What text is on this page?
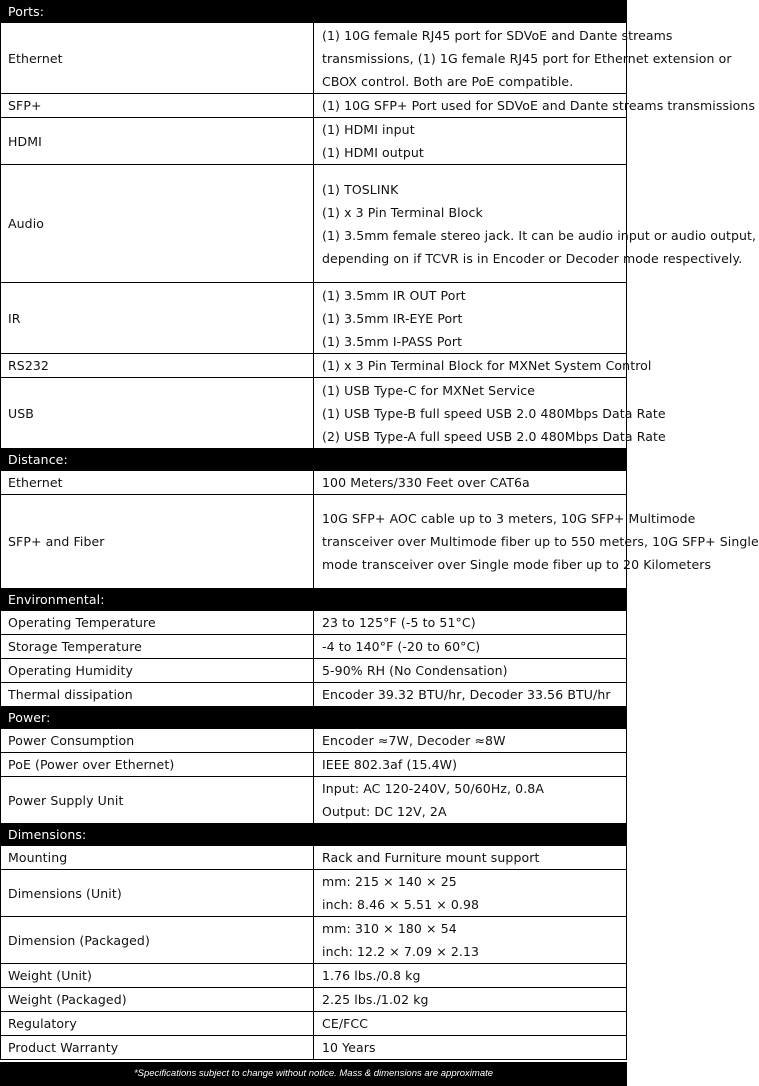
Ports:	
Ethernet	(1) 10G female RJ45 port for SDVoE and Dante streams
transmissions, (1) 1G female RJ45 port for Ethernet extension or
CBOX control. Both are PoE compatible.

SFP+	(1) 10G SFP+ Port used for SDVoE and Dante streams transmissions

HDMI	(1) HDMI input
(1) HDMI output

Audio	(1) TOSLINK
(1) x 3 Pin Terminal Block
(1) 3.5mm female stereo jack. It can be audio input or audio output,
depending on if TCVR is in Encoder or Decoder mode respectively.

IR	(1) 3.5mm IR OUT Port
(1) 3.5mm IR-EYE Port
(1) 3.5mm I-PASS Port

RS232	(1) x 3 Pin Terminal Block for MXNet System Control

USB	(1) USB Type-C for MXNet Service
(1) USB Type-B full speed USB 2.0 480Mbps Data Rate
(2) USB Type-A full speed USB 2.0 480Mbps Data Rate

Distance:	
Ethernet	100 Meters/330 Feet over CAT6a

SFP+ and Fiber	10G SFP+ AOC cable up to 3 meters, 10G SFP+ Multimode
transceiver over Multimode fiber up to 550 meters, 10G SFP+ Single
mode transceiver over Single mode fiber up to 20 Kilometers

Environmental:	
Operating Temperature	23 to 125°F (-5 to 51°C)

Storage Temperature	-4 to 140°F (-20 to 60°C)

Operating Humidity	5-90% RH (No Condensation)

Thermal dissipation	Encoder 39.32 BTU/hr, Decoder 33.56 BTU/hr

Power:	
Power Consumption	Encoder ≈7W, Decoder ≈8W

PoE (Power over Ethernet)	IEEE 802.3af (15.4W)

Power Supply Unit	Input: AC 120-240V, 50/60Hz, 0.8A
Output: DC 12V, 2A

Dimensions:	
Mounting	Rack and Furniture mount support

Dimensions (Unit)	mm: 215 × 140 × 25
inch: 8.46 × 5.51 × 0.98

Dimension (Packaged)	mm: 310 × 180 × 54
inch: 12.2 × 7.09 × 2.13

Weight (Unit)	1.76 lbs./0.8 kg

Weight (Packaged)	2.25 lbs./1.02 kg

Regulatory	CE/FCC

Product Warranty	10 Years
*Specifications subject to change without notice. Mass & dimensions are approximate
